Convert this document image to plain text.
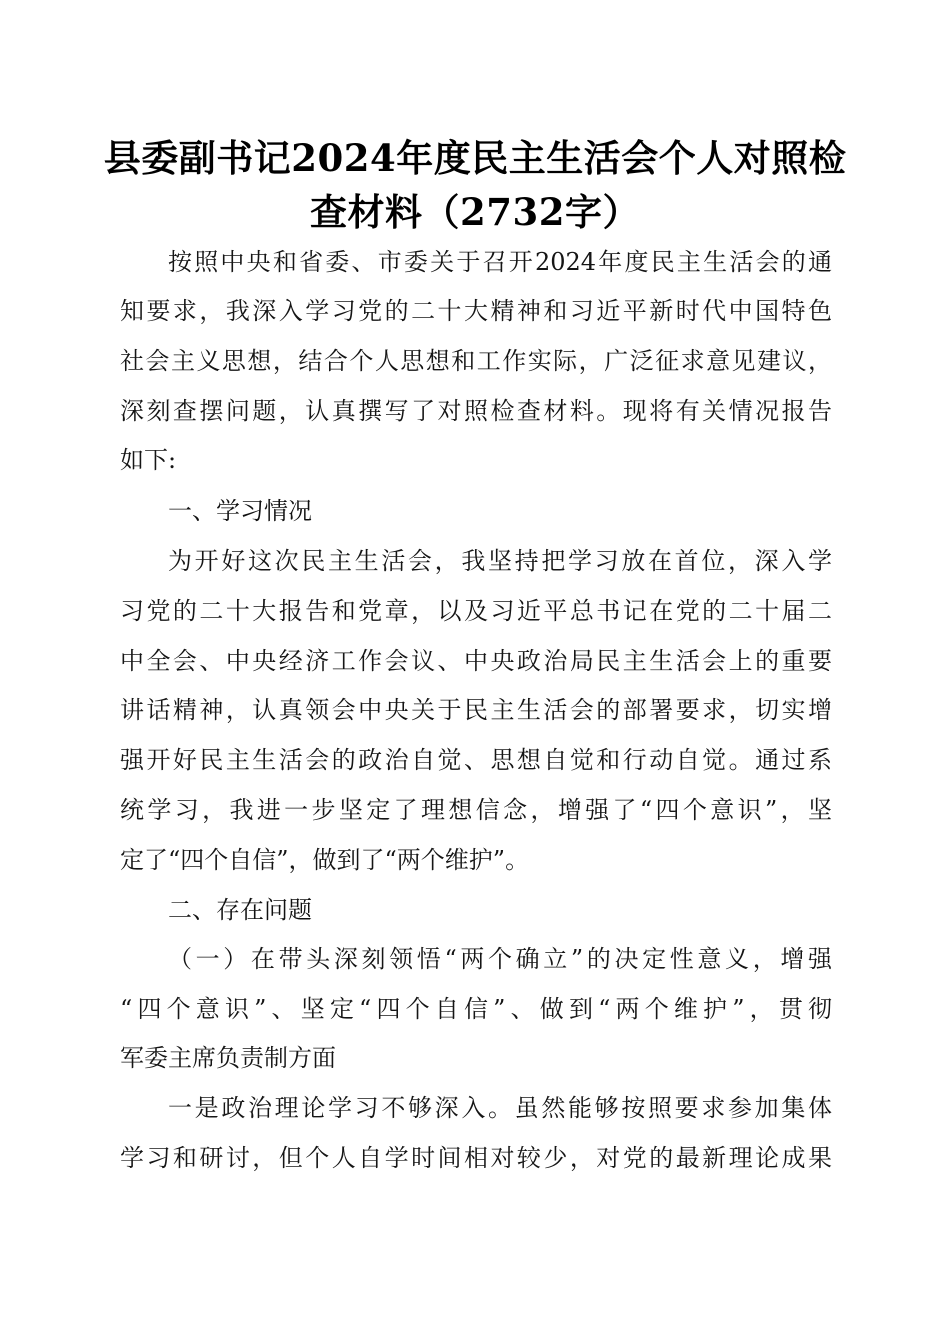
县委副书记2024年度民主生活会个人对照检
查材料（2732字）
按照中央和省委、市委关于召开2024年度民主生活会的通
知要求，我深入学习党的二十大精神和习近平新时代中国特色
社会主义思想，结合个人思想和工作实际，广泛征求意见建议，
深刻查摆问题，认真撰写了对照检查材料。现将有关情况报告
如下:
一、学习情况
为开好这次民主生活会，我坚持把学习放在首位，深入学
习党的二十大报告和党章，以及习近平总书记在党的二十届二
中全会、中央经济工作会议、中央政治局民主生活会上的重要
讲话精神，认真领会中央关于民主生活会的部署要求，切实增
强开好民主生活会的政治自觉、思想自觉和行动自觉。通过系
统学习，我进一步坚定了理想信念，增强了“四个意识”，坚
定了“四个自信”，做到了“两个维护”。
二、存在问题
（一）在带头深刻领悟“两个确立”的决定性意义，增强
“四个意识”、坚定“四个自信”、做到“两个维护”，贯彻
军委主席负责制方面
一是政治理论学习不够深入。虽然能够按照要求参加集体
学习和研讨，但个人自学时间相对较少，对党的最新理论成果
